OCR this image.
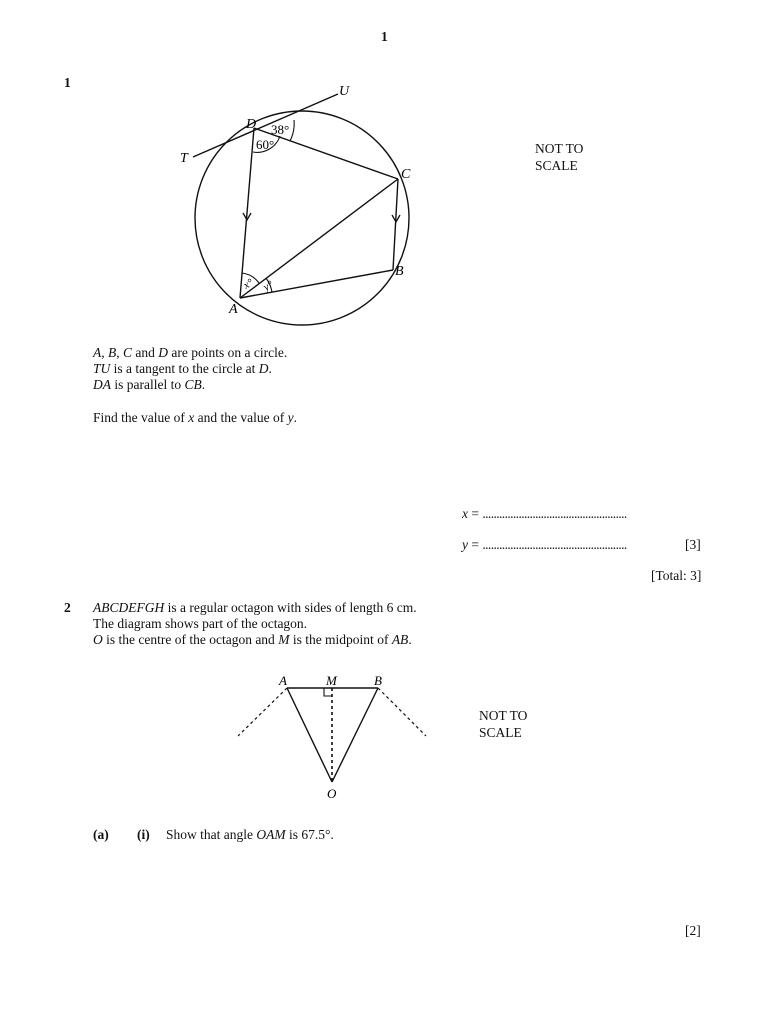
1
1
U
D
T
C
B
A
38°
60°
x° y°
NOT TO
SCALE
A, B, C and D are points on a circle.
TU is a tangent to the circle at D.
DA is parallel to CB.
Find the value of x and the value of y.
x = ....................................................
y = ....................................................	[3]
[Total: 3]
2 ABCDEFGH is a regular octagon with sides of length 6 cm.
The diagram shows part of the octagon.
O is the centre of the octagon and M is the midpoint of AB.
A	M	B
O
NOT TO
SCALE
(a) (i) Show that angle OAM is 67.5°.
[2]
